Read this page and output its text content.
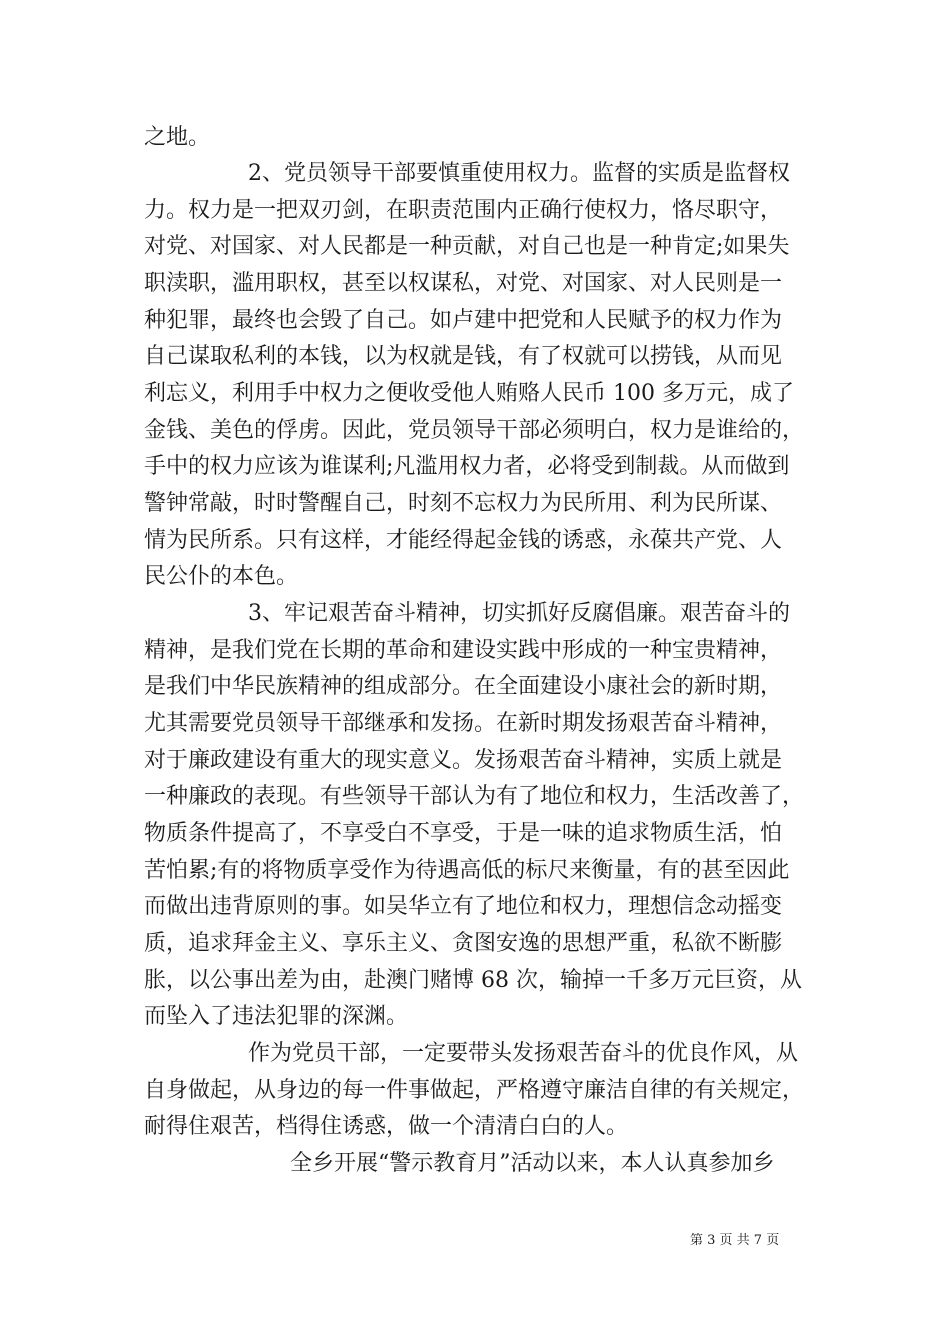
之地。
2、党员领导干部要慎重使用权力。监督的实质是监督权
力。权力是一把双刃剑，在职责范围内正确行使权力，恪尽职守，
对党、对国家、对人民都是一种贡献，对自己也是一种肯定;如果失
职渎职，滥用职权，甚至以权谋私，对党、对国家、对人民则是一
种犯罪，最终也会毁了自己。如卢建中把党和人民赋予的权力作为
自己谋取私利的本钱，以为权就是钱，有了权就可以捞钱，从而见
利忘义，利用手中权力之便收受他人贿赂人民币 100 多万元，成了
金钱、美色的俘虏。因此，党员领导干部必须明白，权力是谁给的，
手中的权力应该为谁谋利;凡滥用权力者，必将受到制裁。从而做到
警钟常敲，时时警醒自己，时刻不忘权力为民所用、利为民所谋、
情为民所系。只有这样，才能经得起金钱的诱惑，永葆共产党、人
民公仆的本色。
3、牢记艰苦奋斗精神，切实抓好反腐倡廉。艰苦奋斗的
精神，是我们党在长期的革命和建设实践中形成的一种宝贵精神，
是我们中华民族精神的组成部分。在全面建设小康社会的新时期，
尤其需要党员领导干部继承和发扬。在新时期发扬艰苦奋斗精神，
对于廉政建设有重大的现实意义。发扬艰苦奋斗精神，实质上就是
一种廉政的表现。有些领导干部认为有了地位和权力，生活改善了，
物质条件提高了，不享受白不享受，于是一味的追求物质生活，怕
苦怕累;有的将物质享受作为待遇高低的标尺来衡量，有的甚至因此
而做出违背原则的事。如吴华立有了地位和权力，理想信念动摇变
质，追求拜金主义、享乐主义、贪图安逸的思想严重，私欲不断膨
胀，以公事出差为由，赴澳门赌博 68 次，输掉一千多万元巨资，从
而坠入了违法犯罪的深渊。
作为党员干部，一定要带头发扬艰苦奋斗的优良作风，从
自身做起，从身边的每一件事做起，严格遵守廉洁自律的有关规定，
耐得住艰苦，档得住诱惑，做一个清清白白的人。
全乡开展“警示教育月”活动以来，本人认真参加乡
第 3 页 共 7 页
